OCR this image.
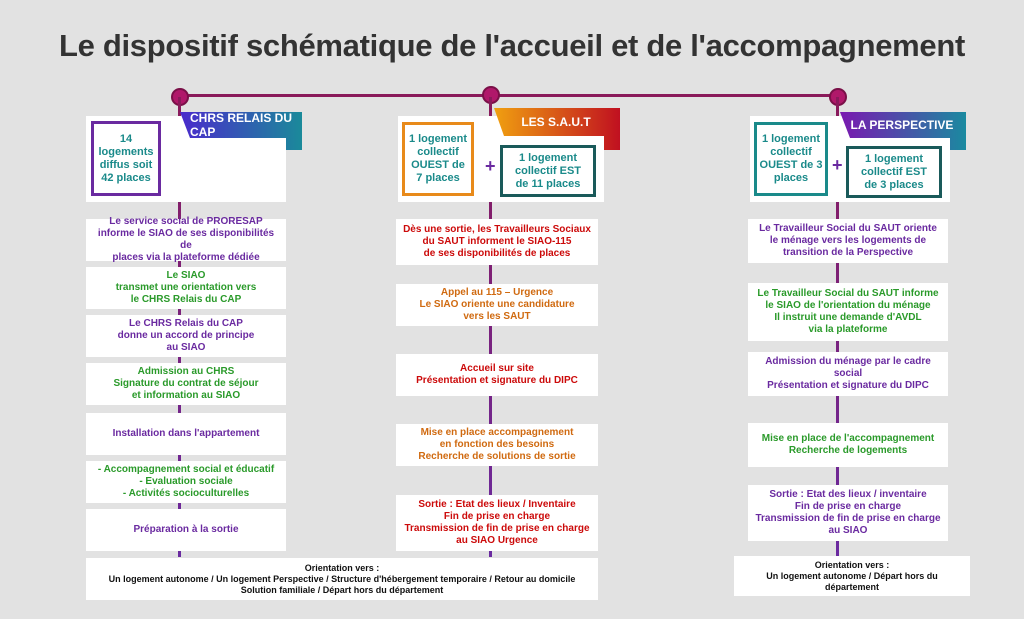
Le dispositif schématique de l'accueil et de l'accompagnement
14
logements
diffus soit
42 places
CHRS RELAIS DU CAP	1 logement
collectif
OUEST de
7 places
+	1 logement
collectif EST
de 11 places
LES S.A.U.T
1 logement
collectif
OUEST de 3
places
+	1 logement
collectif EST
de 3 places
LA PERSPECTIVE
Le service social de PRORESAP
informe le SIAO de ses disponibilités de
places via la plateforme dédiée
Le SIAO
transmet une orientation vers
le CHRS Relais du CAP
Le CHRS Relais du CAP
donne un accord de principe
au SIAO
Admission au CHRS
Signature du contrat de séjour
et information au SIAO
Installation dans l'appartement
- Accompagnement social et éducatif
- Evaluation sociale
- Activités socioculturelles
Préparation à la sortie
Dès une sortie, les Travailleurs Sociaux
du SAUT informent le SIAO-115
de ses disponibilités de places
Appel au 115 – Urgence
Le SIAO oriente une candidature
vers les SAUT
Accueil sur site
Présentation et signature du DIPC
Mise en place accompagnement
en fonction des besoins
Recherche de solutions de sortie
Sortie : Etat des lieux / Inventaire
Fin de prise en charge
Transmission de fin de prise en charge
au SIAO Urgence
Le Travailleur Social du SAUT oriente
le ménage vers les logements de
transition de la Perspective
Le Travailleur Social du SAUT informe
le SIAO de l'orientation du ménage
Il instruit une demande d'AVDL
via la plateforme
Admission du ménage par le cadre
social
Présentation et signature du DIPC
Mise en place de l'accompagnement
Recherche de logements
Sortie : Etat des lieux / inventaire
Fin de prise en charge
Transmission de fin de prise en charge
au SIAO
Orientation vers :
Un logement autonome / Un logement Perspective / Structure d'hébergement temporaire / Retour au domicile
Solution familiale / Départ hors du département
Orientation vers :
Un logement autonome / Départ hors du département
